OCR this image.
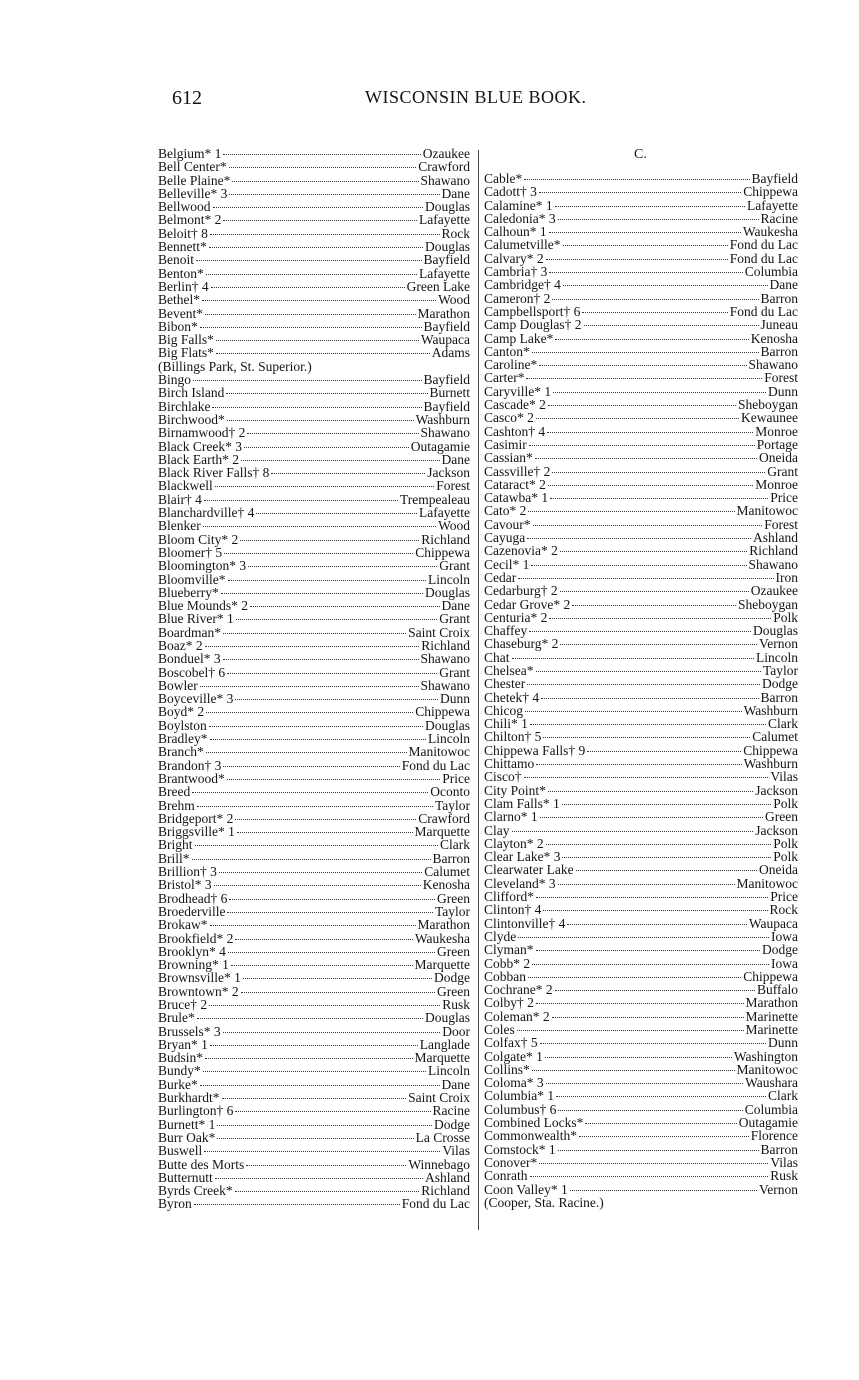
612	WISCONSIN BLUE BOOK.
C.
Belgium* 1	Ozaukee
Bell Center*	Crawford
Belle Plaine*	Shawano
Belleville* 3	Dane
Bellwood	Douglas
Belmont* 2	Lafayette
Beloit† 8	Rock
Bennett*	Douglas
Benoit	Bayfield
Benton*	Lafayette
Berlin† 4	Green Lake
Bethel*	Wood
Bevent*	Marathon
Bibon*	Bayfield
Big Falls*	Waupaca
Big Flats*	Adams
(Billings Park, St. Superior.)
Bingo	Bayfield
Birch Island	Burnett
Birchlake	Bayfield
Birchwood*	Washburn
Birnamwood† 2	Shawano
Black Creek* 3	Outagamie
Black Earth* 2	Dane
Black River Falls† 8	Jackson
Blackwell	Forest
Blair† 4	Trempealeau
Blanchardville† 4	Lafayette
Blenker	Wood
Bloom City* 2	Richland
Bloomer† 5	Chippewa
Bloomington* 3	Grant
Bloomville*	Lincoln
Blueberry*	Douglas
Blue Mounds* 2	Dane
Blue River* 1	Grant
Boardman*	Saint Croix
Boaz* 2	Richland
Bonduel* 3	Shawano
Boscobel† 6	Grant
Bowler	Shawano
Boyceville* 3	Dunn
Boyd* 2	Chippewa
Boylston	Douglas
Bradley*	Lincoln
Branch*	Manitowoc
Brandon† 3	Fond du Lac
Brantwood*	Price
Breed	Oconto
Brehm	Taylor
Bridgeport* 2	Crawford
Briggsville* 1	Marquette
Bright	Clark
Brill*	Barron
Brillion† 3	Calumet
Bristol* 3	Kenosha
Brodhead† 6	Green
Broederville	Taylor
Brokaw*	Marathon
Brookfield* 2	Waukesha
Brooklyn* 4	Green
Browning* 1	Marquette
Brownsville* 1	Dodge
Browntown* 2	Green
Bruce† 2	Rusk
Brule*	Douglas
Brussels* 3	Door
Bryan* 1	Langlade
Budsin*	Marquette
Bundy*	Lincoln
Burke*	Dane
Burkhardt*	Saint Croix
Burlington† 6	Racine
Burnett* 1	Dodge
Burr Oak*	La Crosse
Buswell	Vilas
Butte des Morts	Winnebago
Butternutt	Ashland
Byrds Creek*	Richland
Byron	Fond du Lac
Cable*	Bayfield
Cadott† 3	Chippewa
Calamine* 1	Lafayette
Caledonia* 3	Racine
Calhoun* 1	Waukesha
Calumetville*	Fond du Lac
Calvary* 2	Fond du Lac
Cambria† 3	Columbia
Cambridge† 4	Dane
Cameron† 2	Barron
Campbellsport† 6	Fond du Lac
Camp Douglas† 2	Juneau
Camp Lake*	Kenosha
Canton*	Barron
Caroline*	Shawano
Carter*	Forest
Caryville* 1	Dunn
Cascade* 2	Sheboygan
Casco* 2	Kewaunee
Cashton† 4	Monroe
Casimir	Portage
Cassian*	Oneida
Cassville† 2	Grant
Cataract* 2	Monroe
Catawba* 1	Price
Cato* 2	Manitowoc
Cavour*	Forest
Cayuga	Ashland
Cazenovia* 2	Richland
Cecil* 1	Shawano
Cedar	Iron
Cedarburg† 2	Ozaukee
Cedar Grove* 2	Sheboygan
Centuria* 2	Polk
Chaffey	Douglas
Chaseburg* 2	Vernon
Chat	Lincoln
Chelsea*	Taylor
Chester	Dodge
Chetek† 4	Barron
Chicog	Washburn
Chili* 1	Clark
Chilton† 5	Calumet
Chippewa Falls† 9	Chippewa
Chittamo	Washburn
Cisco†	Vilas
City Point*	Jackson
Clam Falls* 1	Polk
Clarno* 1	Green
Clay	Jackson
Clayton* 2	Polk
Clear Lake* 3	Polk
Clearwater Lake	Oneida
Cleveland* 3	Manitowoc
Clifford*	Price
Clinton† 4	Rock
Clintonville† 4	Waupaca
Clyde	Iowa
Clyman*	Dodge
Cobb* 2	Iowa
Cobban	Chippewa
Cochrane* 2	Buffalo
Colby† 2	Marathon
Coleman* 2	Marinette
Coles	Marinette
Colfax† 5	Dunn
Colgate* 1	Washington
Collins*	Manitowoc
Coloma* 3	Waushara
Columbia* 1	Clark
Columbus† 6	Columbia
Combined Locks*	Outagamie
Commonwealth*	Florence
Comstock* 1	Barron
Conover*	Vilas
Conrath	Rusk
Coon Valley* 1	Vernon
(Cooper, Sta. Racine.)
